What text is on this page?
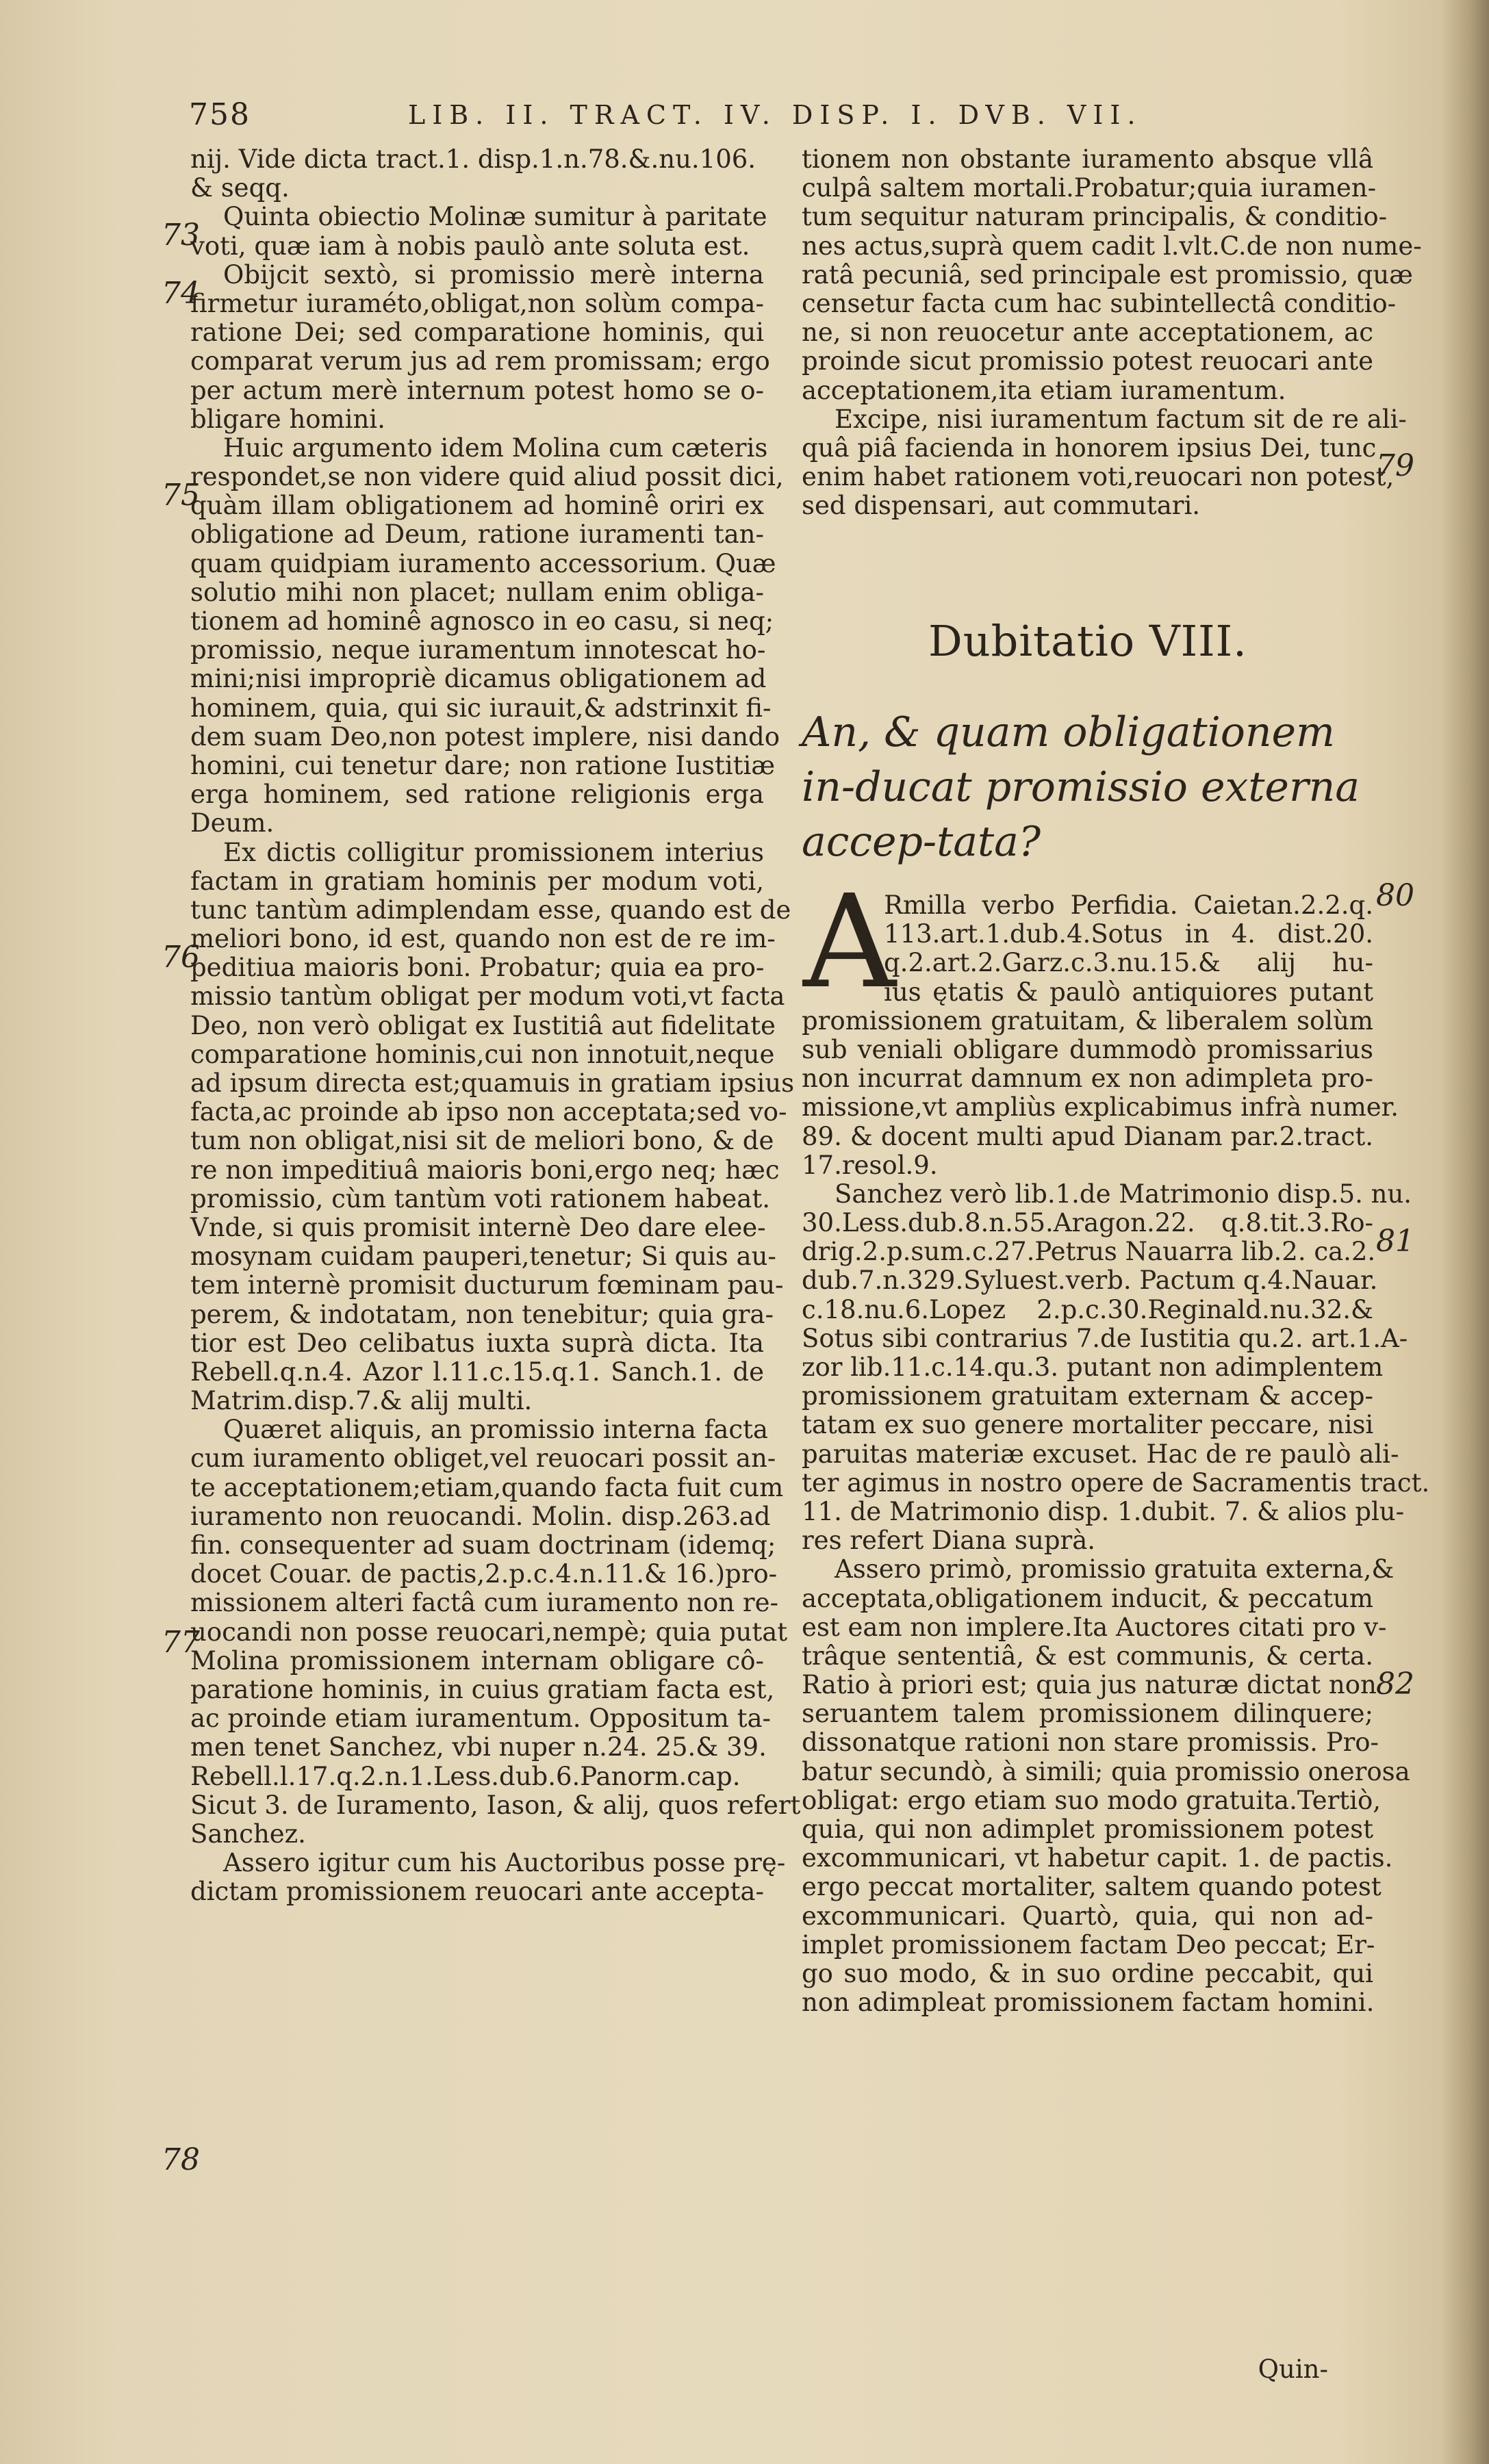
758	LIB. II. TRACT. IV. DISP. I. DVB. VII.
nij. Vide dicta tract.1. disp.1.n.78.&.nu.106.
& seqq.
Quinta obiectio Molinæ sumitur à paritate
voti, quæ iam à nobis paulò ante soluta est.
Obijcit sextò, si promissio merè interna
firmetur iuraméto,obligat,non solùm compa-
ratione Dei; sed comparatione hominis, qui
comparat verum jus ad rem promissam; ergo
per actum merè internum potest homo se o-
bligare homini.
Huic argumento idem Molina cum cæteris
respondet,se non videre quid aliud possit dici,
quàm illam obligationem ad hominê oriri ex
obligatione ad Deum, ratione iuramenti tan-
quam quidpiam iuramento accessorium. Quæ
solutio mihi non placet; nullam enim obliga-
tionem ad hominê agnosco in eo casu, si neq;
promissio, neque iuramentum innotescat ho-
mini;nisi impropriè dicamus obligationem ad
hominem, quia, qui sic iurauit,& adstrinxit fi-
dem suam Deo,non potest implere, nisi dando
homini, cui tenetur dare; non ratione Iustitiæ
erga hominem, sed ratione religionis erga
Deum.
Ex dictis colligitur promissionem interius
factam in gratiam hominis per modum voti,
tunc tantùm adimplendam esse, quando est de
meliori bono, id est, quando non est de re im-
peditiua maioris boni. Probatur; quia ea pro-
missio tantùm obligat per modum voti,vt facta
Deo, non verò obligat ex Iustitiâ aut fidelitate
comparatione hominis,cui non innotuit,neque
ad ipsum directa est;quamuis in gratiam ipsius
facta,ac proinde ab ipso non acceptata;sed vo-
tum non obligat,nisi sit de meliori bono, & de
re non impeditiuâ maioris boni,ergo neq; hæc
promissio, cùm tantùm voti rationem habeat.
Vnde, si quis promisit internè Deo dare elee-
mosynam cuidam pauperi,tenetur; Si quis au-
tem internè promisit ducturum fœminam pau-
perem, & indotatam, non tenebitur; quia gra-
tior est Deo celibatus iuxta suprà dicta. Ita
Rebell.q.n.4. Azor l.11.c.15.q.1. Sanch.1. de
Matrim.disp.7.& alij multi.
Quæret aliquis, an promissio interna facta
cum iuramento obliget,vel reuocari possit an-
te acceptationem;etiam,quando facta fuit cum
iuramento non reuocandi. Molin. disp.263.ad
fin. consequenter ad suam doctrinam (idemq;
docet Couar. de pactis,2.p.c.4.n.11.& 16.)pro-
missionem alteri factâ cum iuramento non re-
uocandi non posse reuocari,nempè; quia putat
Molina promissionem internam obligare cô-
paratione hominis, in cuius gratiam facta est,
ac proinde etiam iuramentum. Oppositum ta-
men tenet Sanchez, vbi nuper n.24. 25.& 39.
Rebell.l.17.q.2.n.1.Less.dub.6.Panorm.cap.
Sicut 3. de Iuramento, Iason, & alij, quos refert
Sanchez.
Assero igitur cum his Auctoribus posse prę-
dictam promissionem reuocari ante accepta-
tionem non obstante iuramento absque vllâ
culpâ saltem mortali.Probatur;quia iuramen-
tum sequitur naturam principalis, & conditio-
nes actus,suprà quem cadit l.vlt.C.de non nume-
ratâ pecuniâ, sed principale est promissio, quæ
censetur facta cum hac subintellectâ conditio-
ne, si non reuocetur ante acceptationem, ac
proinde sicut promissio potest reuocari ante
acceptationem,ita etiam iuramentum.
Excipe, nisi iuramentum factum sit de re ali-
quâ piâ facienda in honorem ipsius Dei, tunc
enim habet rationem voti,reuocari non potest,
sed dispensari, aut commutari.
Dubitatio VIII.
An, & quam obligationem in-ducat promissio externa accep-tata?
A
Rmilla verbo Perfidia. Caietan.2.2.q.
113.art.1.dub.4.Sotus in 4. dist.20.
q.2.art.2.Garz.c.3.nu.15.& alij hu-
ius ętatis & paulò antiquiores putant
promissionem gratuitam, & liberalem solùm
sub veniali obligare dummodò promissarius
non incurrat damnum ex non adimpleta pro-
missione,vt ampliùs explicabimus infrà numer.
89. & docent multi apud Dianam par.2.tract.
17.resol.9.
Sanchez verò lib.1.de Matrimonio disp.5. nu.
30.Less.dub.8.n.55.Aragon.22. q.8.tit.3.Ro-
drig.2.p.sum.c.27.Petrus Nauarra lib.2. ca.2.
dub.7.n.329.Syluest.verb. Pactum q.4.Nauar.
c.18.nu.6.Lopez 2.p.c.30.Reginald.nu.32.&
Sotus sibi contrarius 7.de Iustitia qu.2. art.1.A-
zor lib.11.c.14.qu.3. putant non adimplentem
promissionem gratuitam externam & accep-
tatam ex suo genere mortaliter peccare, nisi
paruitas materiæ excuset. Hac de re paulò ali-
ter agimus in nostro opere de Sacramentis tract.
11. de Matrimonio disp. 1.dubit. 7. & alios plu-
res refert Diana suprà.
Assero primò, promissio gratuita externa,&
acceptata,obligationem inducit, & peccatum
est eam non implere.Ita Auctores citati pro v-
trâque sententiâ, & est communis, & certa.
Ratio à priori est; quia jus naturæ dictat non
seruantem talem promissionem dilinquere;
dissonatque rationi non stare promissis. Pro-
batur secundò, à simili; quia promissio onerosa
obligat: ergo etiam suo modo gratuita.Tertiò,
quia, qui non adimplet promissionem potest
excommunicari, vt habetur capit. 1. de pactis.
ergo peccat mortaliter, saltem quando potest
excommunicari. Quartò, quia, qui non ad-
implet promissionem factam Deo peccat; Er-
go suo modo, & in suo ordine peccabit, qui
non adimpleat promissionem factam homini.
73
74
75
76
77
78
79
80
81
82
Quin-
